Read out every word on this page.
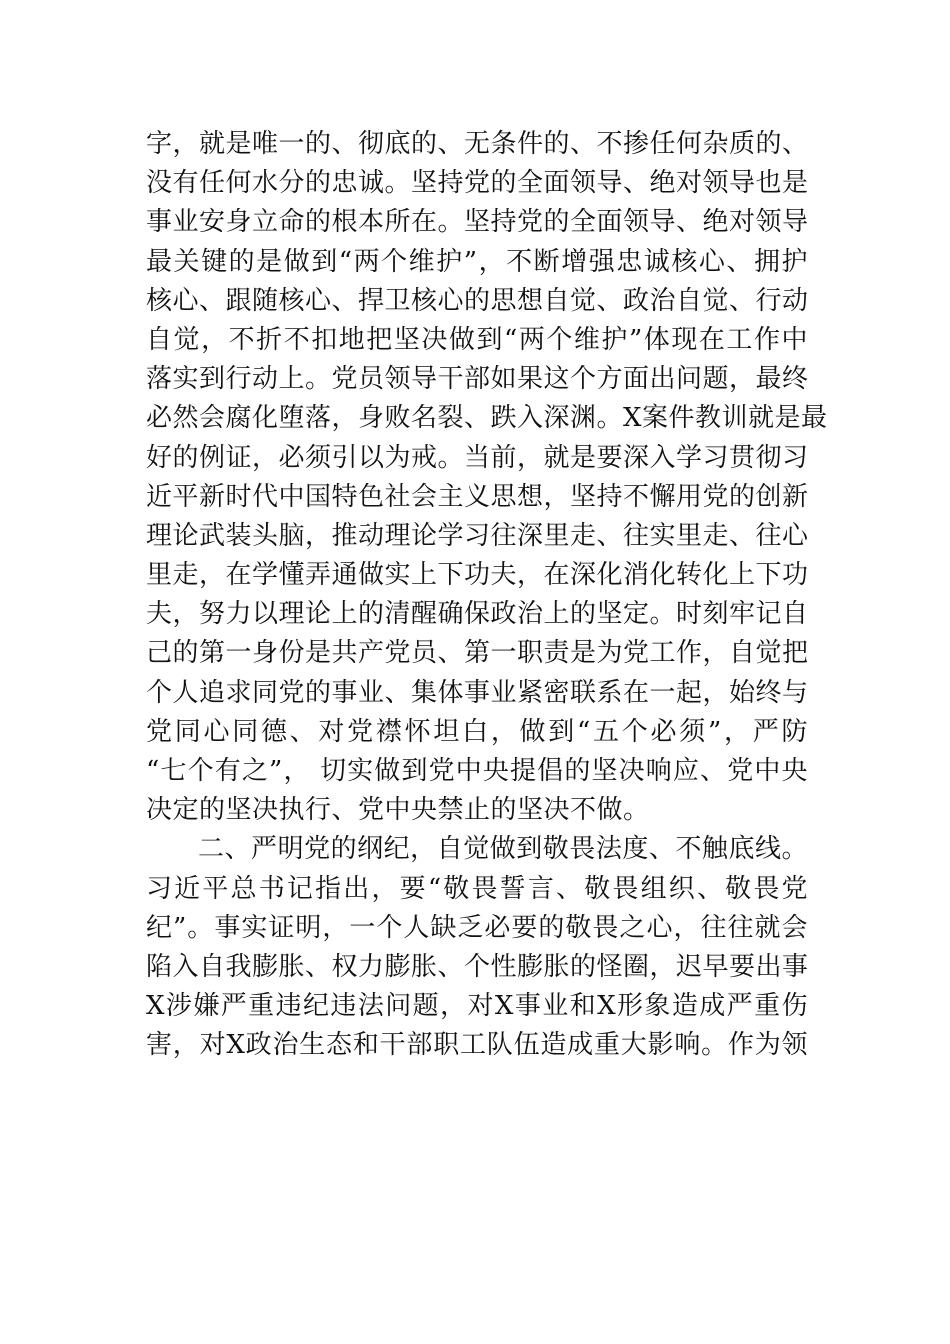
字，就是唯一的、彻底的、无条件的、不掺任何杂质的、
没有任何水分的忠诚。坚持党的全面领导、绝对领导也是
事业安身立命的根本所在。坚持党的全面领导、绝对领导
最关键的是做到“两个维护”，不断增强忠诚核心、拥护
核心、跟随核心、捍卫核心的思想自觉、政治自觉、行动
自觉，不折不扣地把坚决做到“两个维护”体现在工作中
落实到行动上。党员领导干部如果这个方面出问题，最终
必然会腐化堕落，身败名裂、跌入深渊。X案件教训就是最
好的例证，必须引以为戒。当前，就是要深入学习贯彻习
近平新时代中国特色社会主义思想，坚持不懈用党的创新
理论武装头脑，推动理论学习往深里走、往实里走、往心
里走，在学懂弄通做实上下功夫，在深化消化转化上下功
夫，努力以理论上的清醒确保政治上的坚定。时刻牢记自
己的第一身份是共产党员、第一职责是为党工作，自觉把
个人追求同党的事业、集体事业紧密联系在一起，始终与
党同心同德、对党襟怀坦白，做到“五个必须”，严防
“七个有之”， 切实做到党中央提倡的坚决响应、党中央
决定的坚决执行、党中央禁止的坚决不做。
二、严明党的纲纪，自觉做到敬畏法度、不触底线。
习近平总书记指出，要“敬畏誓言、敬畏组织、敬畏党
纪”。事实证明，一个人缺乏必要的敬畏之心，往往就会
陷入自我膨胀、权力膨胀、个性膨胀的怪圈，迟早要出事
X涉嫌严重违纪违法问题，对X事业和X形象造成严重伤
害，对X政治生态和干部职工队伍造成重大影响。作为领
